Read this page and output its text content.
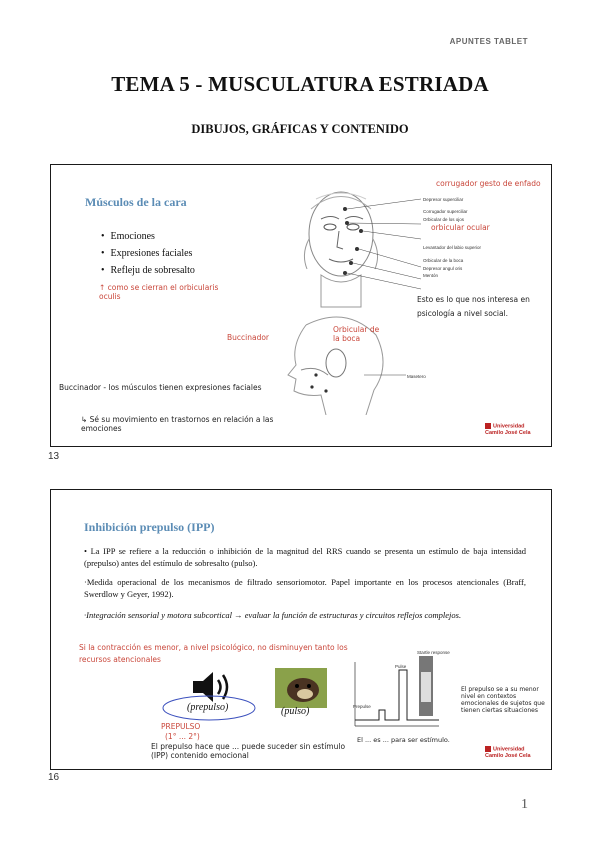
APUNTES TABLET
TEMA 5 - MUSCULATURA ESTRIADA
DIBUJOS, GRÁFICAS Y CONTENIDO
Músculos de la cara
• Emociones
• Expresiones faciales
• Refleju de sobresalto
Depresor superciliar
Corrugador superciliar
Orbicular de los ojos
Levantador del labio superior
Orbicular de la boca
Depresor angul oris
Mentón
Masetero
corrugador gesto de enfado
orbicular ocular
↑ como se cierran el orbicularis oculis	Esto es lo que nos interesa en psicología a nivel social.
Buccinador
Orbicular de la boca
Buccinador - los músculos tienen expresiones faciales
↳ Sé su movimiento en trastornos en relación a las emociones	Universidad
Camilo José Cela
13
Inhibición prepulso (IPP)
• La IPP se refiere a la reducción o inhibición de la magnitud del RRS cuando se presenta un estímulo de baja intensidad (prepulso) antes del estímulo de sobresalto (pulso).
·Medida operacional de los mecanismos de filtrado sensoriomotor. Papel importante en los procesos atencionales (Braff, Swerdlow y Geyer, 1992).
·Integración sensorial y motora subcortical → evaluar la función de estructuras y circuitos reflejos complejos.
Si la contracción es menor, a nivel psicológico, no disminuyen tanto los recursos atencionales
(prepulso)	(pulso)	Prepulse
Pulse
Startle response
PREPULSO
(1° ... 2°)
El prepulso hace que ... puede suceder sin estímulo (IPP) contenido emocional
El prepulso se a su menor nivel en contextos emocionales de sujetos que tienen ciertas situaciones
El ... es ... para ser estímulo.
Universidad
Camilo José Cela
16
1
